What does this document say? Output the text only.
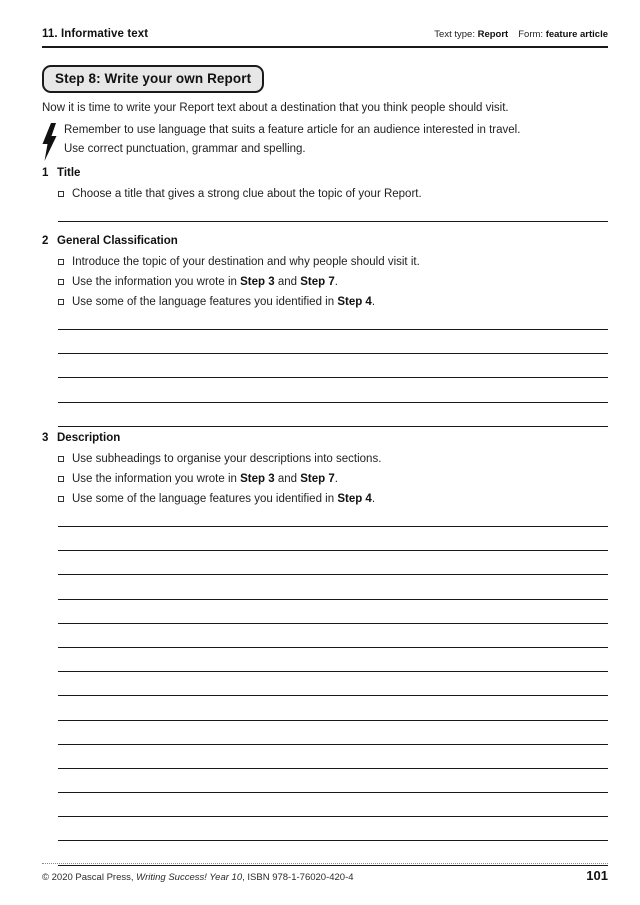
11. Informative text	Text type: Report Form: feature article
Step 8: Write your own Report
Now it is time to write your Report text about a destination that you think people should visit.
Remember to use language that suits a feature article for an audience interested in travel.
Use correct punctuation, grammar and spelling.
1 Title
Choose a title that gives a strong clue about the topic of your Report.
2 General Classification
Introduce the topic of your destination and why people should visit it.
Use the information you wrote in Step 3 and Step 7.
Use some of the language features you identified in Step 4.
3 Description
Use subheadings to organise your descriptions into sections.
Use the information you wrote in Step 3 and Step 7.
Use some of the language features you identified in Step 4.
© 2020 Pascal Press, Writing Success! Year 10, ISBN 978-1-76020-420-4	101
